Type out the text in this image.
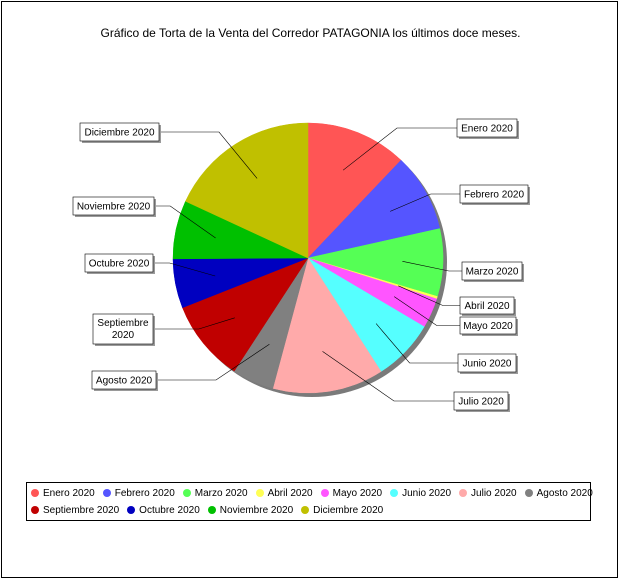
Gráfico de Torta de la Venta del Corredor PATAGONIA los últimos doce meses.
Enero 2020
Febrero 2020
Marzo 2020
Abril 2020
Mayo 2020
Junio 2020
Julio 2020
Agosto 2020
Septiembre
2020
Octubre 2020
Noviembre 2020
Diciembre 2020
Enero 2020 Febrero 2020 Marzo 2020 Abril 2020 Mayo 2020 Junio 2020 Julio 2020 Agosto 2020
Septiembre 2020 Octubre 2020 Noviembre 2020 Diciembre 2020
